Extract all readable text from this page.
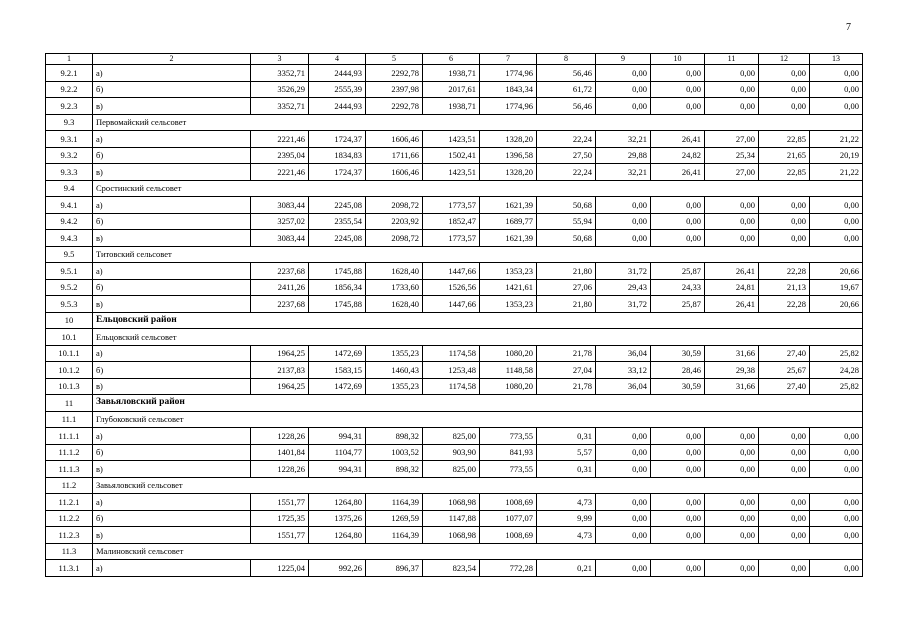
7
1	2	3	4	5	6	7	8	9	10	11	12	13
9.2.1	а)	3352,71	2444,93	2292,78	1938,71	1774,96	56,46	0,00	0,00	0,00	0,00	0,00
9.2.2	б)	3526,29	2555,39	2397,98	2017,61	1843,34	61,72	0,00	0,00	0,00	0,00	0,00
9.2.3	в)	3352,71	2444,93	2292,78	1938,71	1774,96	56,46	0,00	0,00	0,00	0,00	0,00
9.3	Первомайский сельсовет											
9.3.1	а)	2221,46	1724,37	1606,46	1423,51	1328,20	22,24	32,21	26,41	27,00	22,85	21,22
9.3.2	б)	2395,04	1834,83	1711,66	1502,41	1396,58	27,50	29,88	24,82	25,34	21,65	20,19
9.3.3	в)	2221,46	1724,37	1606,46	1423,51	1328,20	22,24	32,21	26,41	27,00	22,85	21,22
9.4	Сростинский сельсовет											
9.4.1	а)	3083,44	2245,08	2098,72	1773,57	1621,39	50,68	0,00	0,00	0,00	0,00	0,00
9.4.2	б)	3257,02	2355,54	2203,92	1852,47	1689,77	55,94	0,00	0,00	0,00	0,00	0,00
9.4.3	в)	3083,44	2245,08	2098,72	1773,57	1621,39	50,68	0,00	0,00	0,00	0,00	0,00
9.5	Титовский сельсовет											
9.5.1	а)	2237,68	1745,88	1628,40	1447,66	1353,23	21,80	31,72	25,87	26,41	22,28	20,66
9.5.2	б)	2411,26	1856,34	1733,60	1526,56	1421,61	27,06	29,43	24,33	24,81	21,13	19,67
9.5.3	в)	2237,68	1745,88	1628,40	1447,66	1353,23	21,80	31,72	25,87	26,41	22,28	20,66
10	Ельцовский район											
10.1	Ельцовский сельсовет											
10.1.1	а)	1964,25	1472,69	1355,23	1174,58	1080,20	21,78	36,04	30,59	31,66	27,40	25,82
10.1.2	б)	2137,83	1583,15	1460,43	1253,48	1148,58	27,04	33,12	28,46	29,38	25,67	24,28
10.1.3	в)	1964,25	1472,69	1355,23	1174,58	1080,20	21,78	36,04	30,59	31,66	27,40	25,82
11	Завьяловский район											
11.1	Глубоковский сельсовет											
11.1.1	а)	1228,26	994,31	898,32	825,00	773,55	0,31	0,00	0,00	0,00	0,00	0,00
11.1.2	б)	1401,84	1104,77	1003,52	903,90	841,93	5,57	0,00	0,00	0,00	0,00	0,00
11.1.3	в)	1228,26	994,31	898,32	825,00	773,55	0,31	0,00	0,00	0,00	0,00	0,00
11.2	Завьяловский сельсовет											
11.2.1	а)	1551,77	1264,80	1164,39	1068,98	1008,69	4,73	0,00	0,00	0,00	0,00	0,00
11.2.2	б)	1725,35	1375,26	1269,59	1147,88	1077,07	9,99	0,00	0,00	0,00	0,00	0,00
11.2.3	в)	1551,77	1264,80	1164,39	1068,98	1008,69	4,73	0,00	0,00	0,00	0,00	0,00
11.3	Малиновский сельсовет											
11.3.1	а)	1225,04	992,26	896,37	823,54	772,28	0,21	0,00	0,00	0,00	0,00	0,00
